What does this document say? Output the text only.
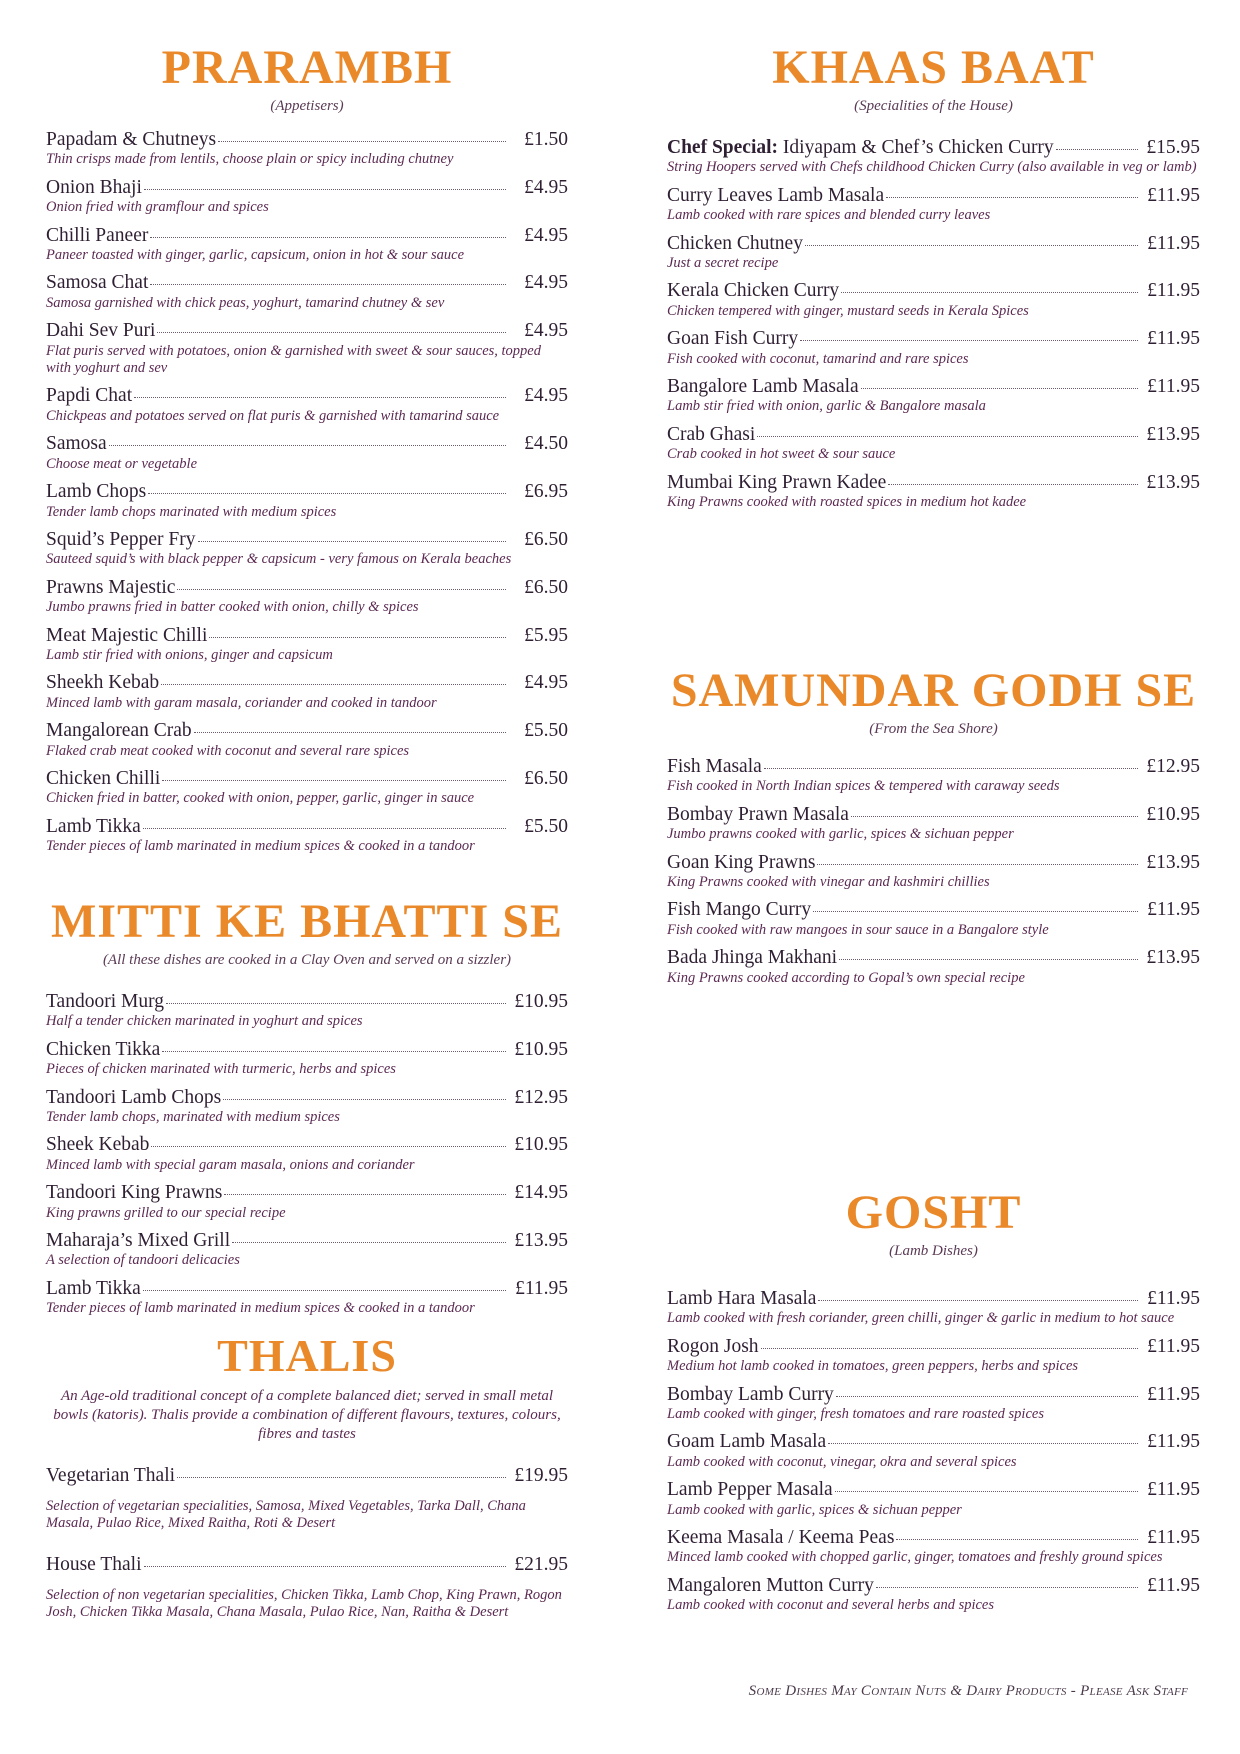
PRARAMBH
(Appetisers)
Papadam & Chutneys	£1.50
Thin crisps made from lentils, choose plain or spicy including chutney
Onion Bhaji	£4.95
Onion fried with gramflour and spices
Chilli Paneer	£4.95
Paneer toasted with ginger, garlic, capsicum, onion in hot & sour sauce
Samosa Chat	£4.95
Samosa garnished with chick peas, yoghurt, tamarind chutney & sev
Dahi Sev Puri	£4.95
Flat puris served with potatoes, onion & garnished with sweet & sour sauces, topped with yoghurt and sev
Papdi Chat	£4.95
Chickpeas and potatoes served on flat puris & garnished with tamarind sauce
Samosa	£4.50
Choose meat or vegetable
Lamb Chops	£6.95
Tender lamb chops marinated with medium spices
Squid’s Pepper Fry	£6.50
Sauteed squid’s with black pepper & capsicum - very famous on Kerala beaches
Prawns Majestic	£6.50
Jumbo prawns fried in batter cooked with onion, chilly & spices
Meat Majestic Chilli	£5.95
Lamb stir fried with onions, ginger and capsicum
Sheekh Kebab	£4.95
Minced lamb with garam masala, coriander and cooked in tandoor
Mangalorean Crab	£5.50
Flaked crab meat cooked with coconut and several rare spices
Chicken Chilli	£6.50
Chicken fried in batter, cooked with onion, pepper, garlic, ginger in sauce
Lamb Tikka	£5.50
Tender pieces of lamb marinated in medium spices & cooked in a tandoor
MITTI KE BHATTI SE
(All these dishes are cooked in a Clay Oven and served on a sizzler)
Tandoori Murg	£10.95
Half a tender chicken marinated in yoghurt and spices
Chicken Tikka	£10.95
Pieces of chicken marinated with turmeric, herbs and spices
Tandoori Lamb Chops	£12.95
Tender lamb chops, marinated with medium spices
Sheek Kebab	£10.95
Minced lamb with special garam masala, onions and coriander
Tandoori King Prawns	£14.95
King prawns grilled to our special recipe
Maharaja’s Mixed Grill	£13.95
A selection of tandoori delicacies
Lamb Tikka	£11.95
Tender pieces of lamb marinated in medium spices & cooked in a tandoor
THALIS
An Age-old traditional concept of a complete balanced diet; served in small metal bowls (katoris). Thalis provide a combination of different flavours, textures, colours, fibres and tastes
Vegetarian Thali	£19.95
Selection of vegetarian specialities, Samosa, Mixed Vegetables, Tarka Dall, Chana Masala, Pulao Rice, Mixed Raitha, Roti & Desert
House Thali	£21.95
Selection of non vegetarian specialities, Chicken Tikka, Lamb Chop, King Prawn, Rogon Josh, Chicken Tikka Masala, Chana Masala, Pulao Rice, Nan, Raitha & Desert
KHAAS BAAT
(Specialities of the House)
Chef Special: Idiyapam & Chef’s Chicken Curry	£15.95
String Hoopers served with Chefs childhood Chicken Curry (also available in veg or lamb)
Curry Leaves Lamb Masala	£11.95
Lamb cooked with rare spices and blended curry leaves
Chicken Chutney	£11.95
Just a secret recipe
Kerala Chicken Curry	£11.95
Chicken tempered with ginger, mustard seeds in Kerala Spices
Goan Fish Curry	£11.95
Fish cooked with coconut, tamarind and rare spices
Bangalore Lamb Masala	£11.95
Lamb stir fried with onion, garlic & Bangalore masala
Crab Ghasi	£13.95
Crab cooked in hot sweet & sour sauce
Mumbai King Prawn Kadee	£13.95
King Prawns cooked with roasted spices in medium hot kadee
SAMUNDAR GODH SE
(From the Sea Shore)
Fish Masala	£12.95
Fish cooked in North Indian spices & tempered with caraway seeds
Bombay Prawn Masala	£10.95
Jumbo prawns cooked with garlic, spices & sichuan pepper
Goan King Prawns	£13.95
King Prawns cooked with vinegar and kashmiri chillies
Fish Mango Curry	£11.95
Fish cooked with raw mangoes in sour sauce in a Bangalore style
Bada Jhinga Makhani	£13.95
King Prawns cooked according to Gopal’s own special recipe
GOSHT
(Lamb Dishes)
Lamb Hara Masala	£11.95
Lamb cooked with fresh coriander, green chilli, ginger & garlic in medium to hot sauce
Rogon Josh	£11.95
Medium hot lamb cooked in tomatoes, green peppers, herbs and spices
Bombay Lamb Curry	£11.95
Lamb cooked with ginger, fresh tomatoes and rare roasted spices
Goam Lamb Masala	£11.95
Lamb cooked with coconut, vinegar, okra and several spices
Lamb Pepper Masala	£11.95
Lamb cooked with garlic, spices & sichuan pepper
Keema Masala / Keema Peas	£11.95
Minced lamb cooked with chopped garlic, ginger, tomatoes and freshly ground spices
Mangaloren Mutton Curry	£11.95
Lamb cooked with coconut and several herbs and spices
Some Dishes May Contain Nuts & Dairy Products - Please Ask Staff
